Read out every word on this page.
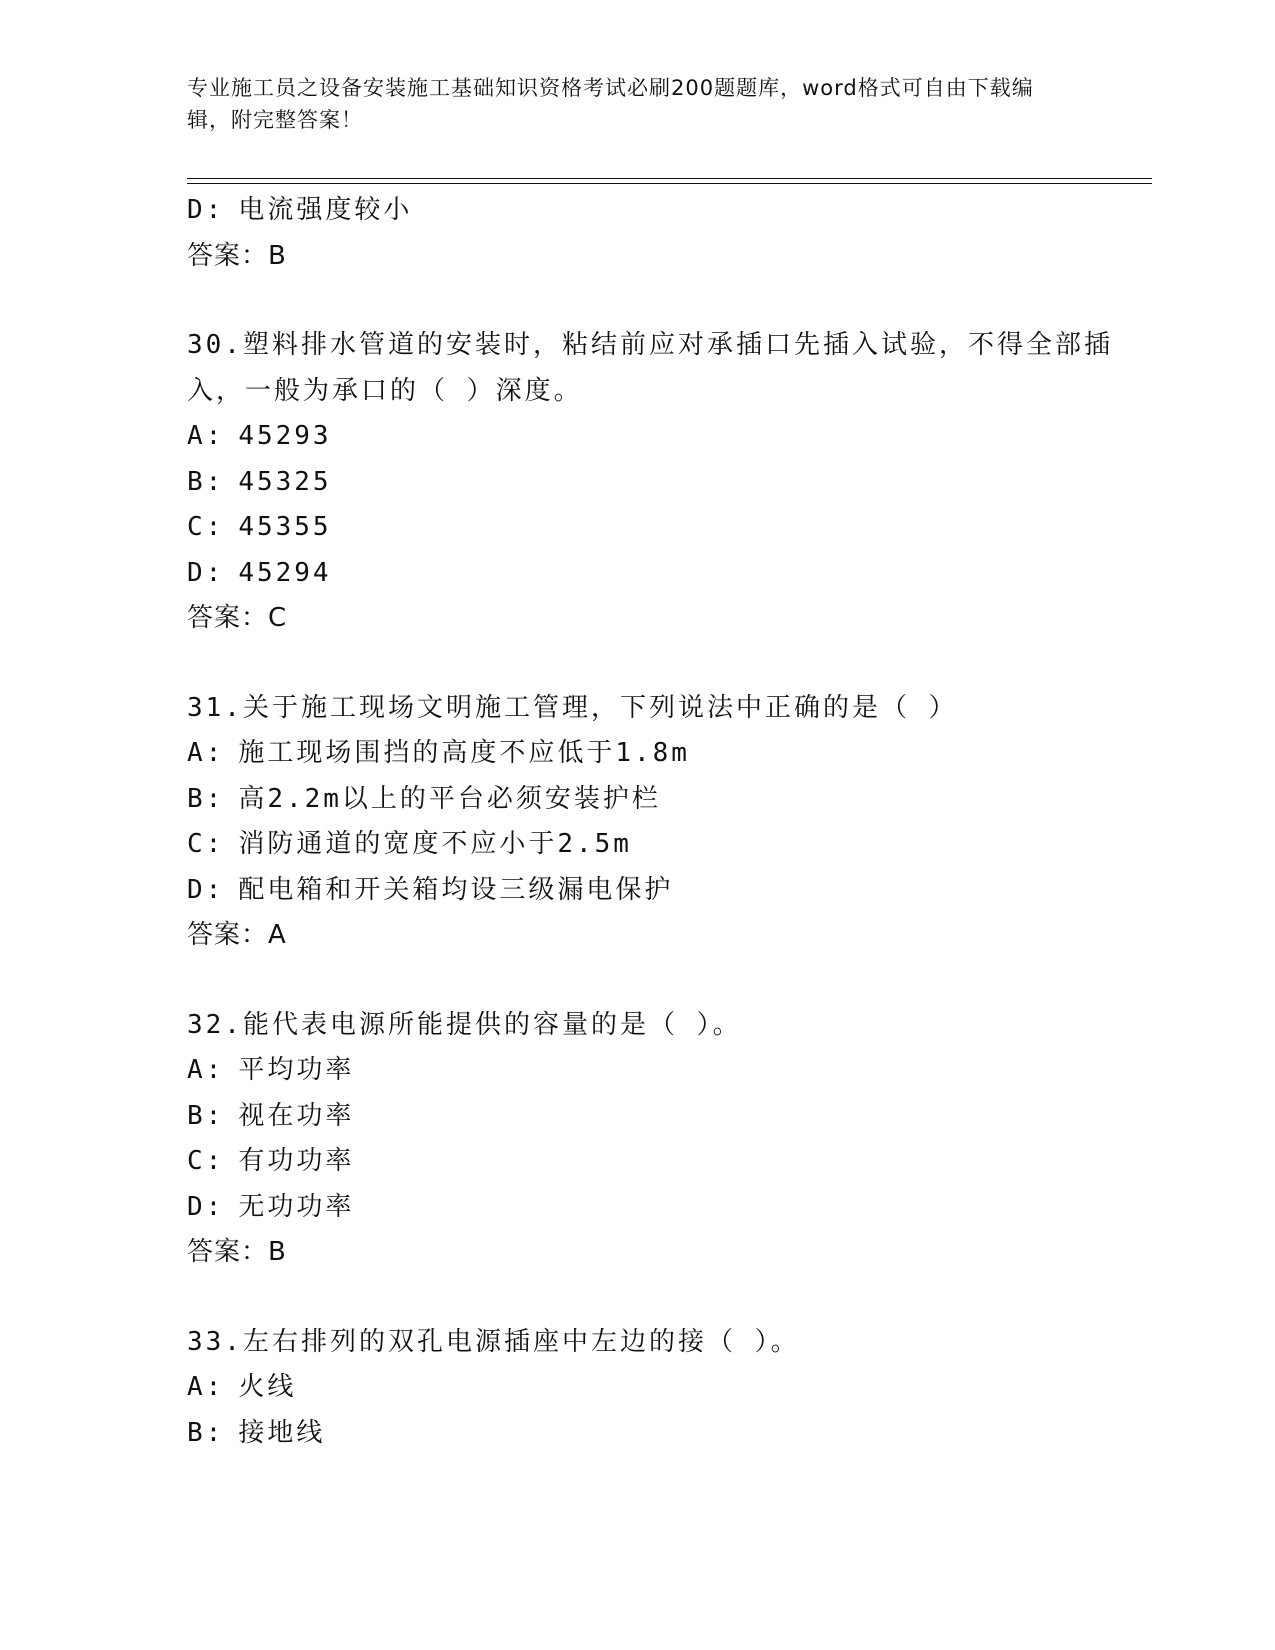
专业施工员之设备安装施工基础知识资格考试必刷200题题库，word格式可自由下载编辑，附完整答案！
D: 电流强度较小
答案：B
30.塑料排水管道的安装时，粘结前应对承插口先插入试验，不得全部插入，一般为承口的（ ）深度。
A: 45293
B: 45325
C: 45355
D: 45294
答案：C
31.关于施工现场文明施工管理，下列说法中正确的是（ ）
A: 施工现场围挡的高度不应低于1.8m
B: 高2.2m以上的平台必须安装护栏
C: 消防通道的宽度不应小于2.5m
D: 配电箱和开关箱均设三级漏电保护
答案：A
32.能代表电源所能提供的容量的是（ ）。
A: 平均功率
B: 视在功率
C: 有功功率
D: 无功功率
答案：B
33.左右排列的双孔电源插座中左边的接（ ）。
A: 火线
B: 接地线
